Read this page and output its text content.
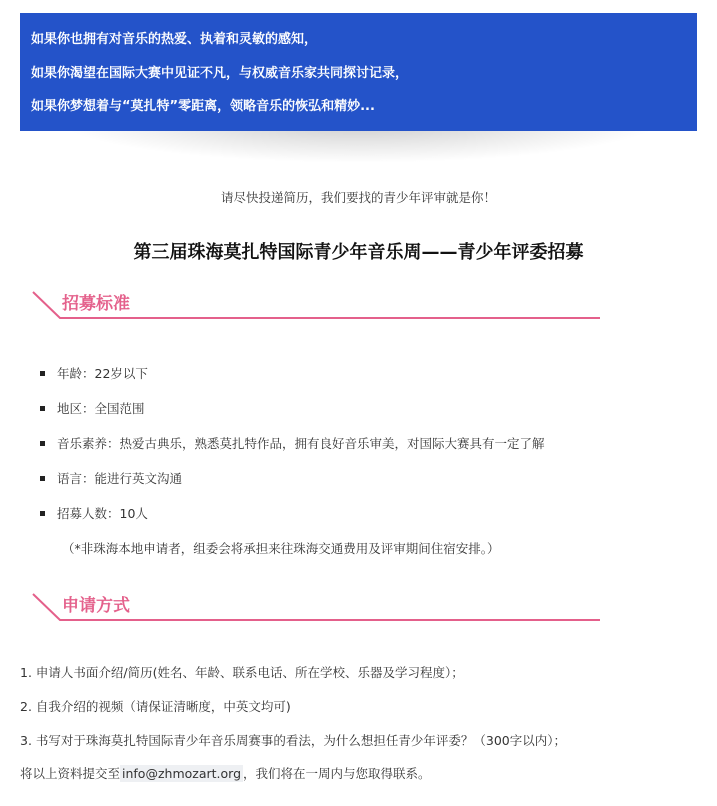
如果你也拥有对音乐的热爱、执着和灵敏的感知，
如果你渴望在国际大赛中见证不凡，与权威音乐家共同探讨记录，
如果你梦想着与“莫扎特”零距离，领略音乐的恢弘和精妙...
请尽快投递简历，我们要找的青少年评审就是你！
第三届珠海莫扎特国际青少年音乐周——青少年评委招募
招募标准
年龄：22岁以下
地区：全国范围
音乐素养：热爱古典乐，熟悉莫扎特作品，拥有良好音乐审美，对国际大赛具有一定了解
语言：能进行英文沟通
招募人数：10人
（*非珠海本地申请者，组委会将承担来往珠海交通费用及评审期间住宿安排。）
申请方式
1. 申请人书面介绍/简历(姓名、年龄、联系电话、所在学校、乐器及学习程度）；
2. 自我介绍的视频（请保证清晰度，中英文均可)
3. 书写对于珠海莫扎特国际青少年音乐周赛事的看法，为什么想担任青少年评委？（300字以内）；
将以上资料提交至 info@zhmozart.org ，我们将在一周内与您取得联系。
